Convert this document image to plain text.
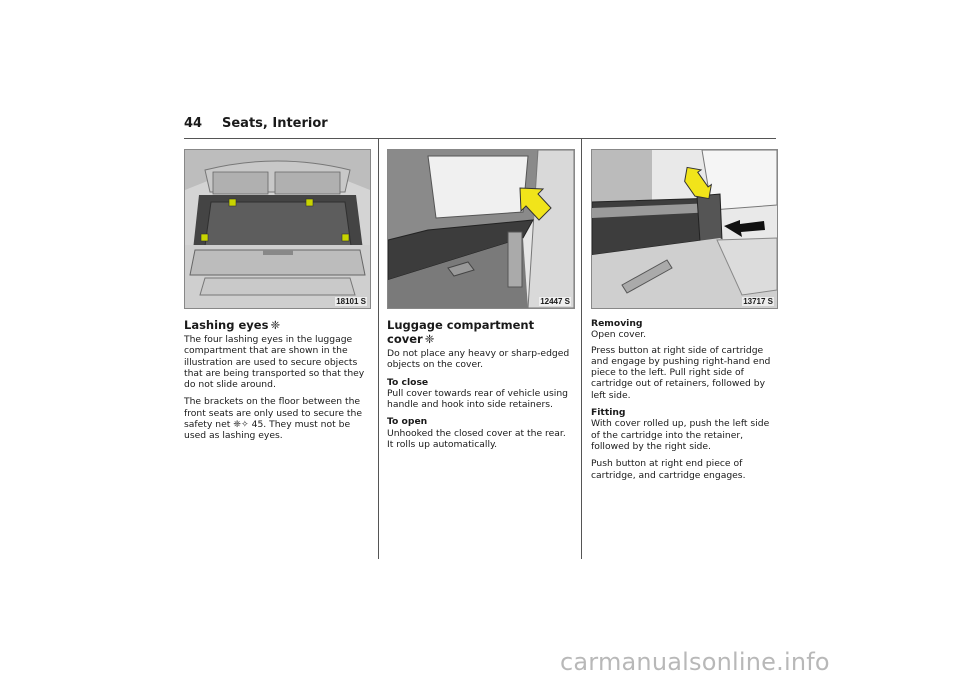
44 Seats, Interior
18101 S	12447 S	13717 S
Lashing eyes ❈

The four lashing eyes in the luggage compartment that are shown in the illustration are used to secure objects that are being transported so that they do not slide around.

The brackets on the floor between the front seats are only used to secure the safety net ❈✧ 45. They must not be used as lashing eyes.

Luggage compartment cover ❈

Do not place any heavy or sharp-edged objects on the cover.

To close
Pull cover towards rear of vehicle using handle and hook into side retainers.

To open
Unhooked the closed cover at the rear. It rolls up automatically.

Removing
Open cover.

Press button at right side of cartridge and engage by pushing right-hand end piece to the left. Pull right side of cartridge out of retainers, followed by left side.

Fitting
With cover rolled up, push the left side of the cartridge into the retainer, followed by the right side.

Push button at right end piece of cartridge, and cartridge engages.

carmanualsonline.info
